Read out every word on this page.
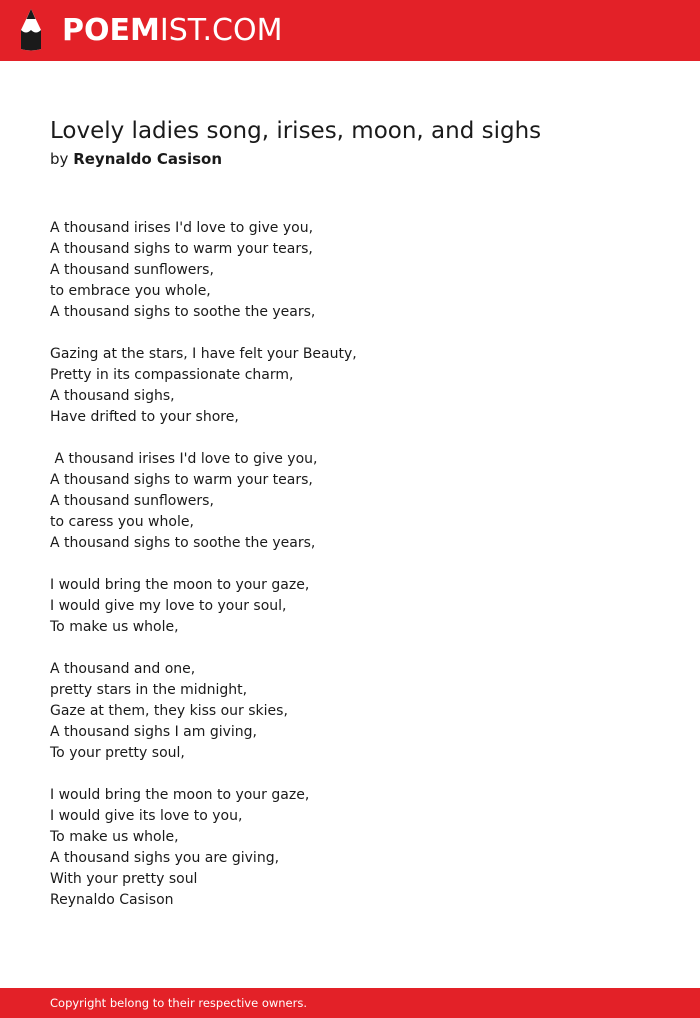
POEMIST.COM
Lovely ladies song, irises, moon, and sighs
by Reynaldo Casison
A thousand irises I'd love to give you,
A thousand sighs to warm your tears,
A thousand sunflowers,
to embrace you whole,
A thousand sighs to soothe the years,
Gazing at the stars, I have felt your Beauty,
Pretty in its compassionate charm,
A thousand sighs,
Have drifted to your shore,
A thousand irises I'd love to give you,
A thousand sighs to warm your tears,
A thousand sunflowers,
to caress you whole,
A thousand sighs to soothe the years,
I would bring the moon to your gaze,
I would give my love to your soul,
To make us whole,
A thousand and one,
pretty stars in the midnight,
Gaze at them, they kiss our skies,
A thousand sighs I am giving,
To your pretty soul,
I would bring the moon to your gaze,
I would give its love to you,
To make us whole,
A thousand sighs you are giving,
With your pretty soul
Reynaldo Casison
Copyright belong to their respective owners.
